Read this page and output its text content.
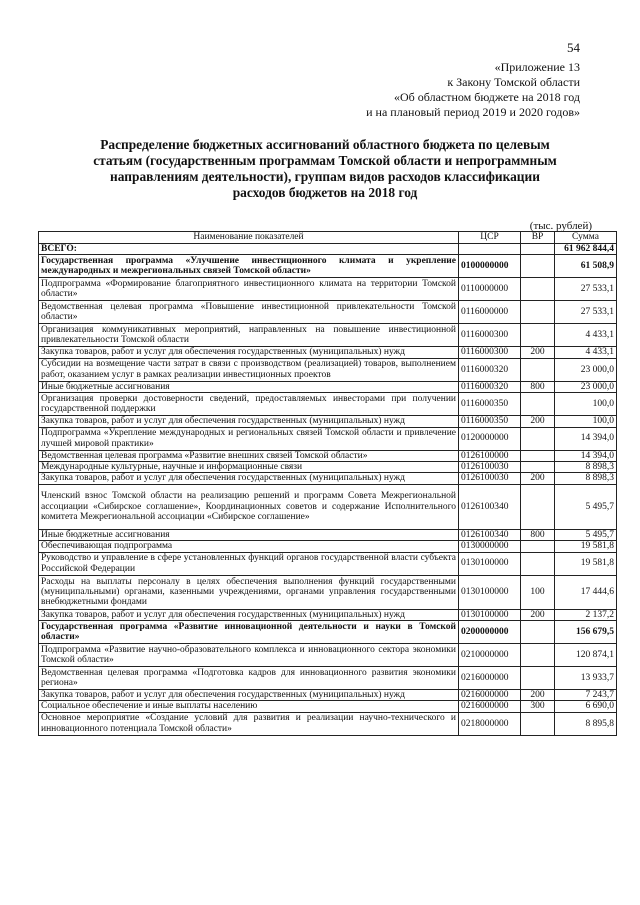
54
«Приложение 13
к Закону Томской области
«Об областном бюджете на 2018 год
и на плановый период 2019 и 2020 годов»
Распределение бюджетных ассигнований областного бюджета по целевым
статьям (государственным программам Томской области и непрограммным
направлениям деятельности), группам видов расходов классификации
расходов бюджетов на 2018 год
(тыс. рублей)
Наименование показателей	ЦСР	ВР	Сумма
ВСЕГО:			61 962 844,4
Государственная программа «Улучшение инвестиционного климата и укрепление международных и межрегиональных связей Томской области»	0100000000		61 508,9
Подпрограмма «Формирование благоприятного инвестиционного климата на территории Томской области»	0110000000		27 533,1
Ведомственная целевая программа «Повышение инвестиционной привлекательности Томской области»	0116000000		27 533,1
Организация коммуникативных мероприятий, направленных на повышение инвестиционной привлекательности Томской области	0116000300		4 433,1
Закупка товаров, работ и услуг для обеспечения государственных (муниципальных) нужд	0116000300	200	4 433,1
Субсидии на возмещение части затрат в связи с производством (реализацией) товаров, выполнением работ, оказанием услуг в рамках реализации инвестиционных проектов	0116000320		23 000,0
Иные бюджетные ассигнования	0116000320	800	23 000,0
Организация проверки достоверности сведений, предоставляемых инвесторами при получении государственной поддержки	0116000350		100,0
Закупка товаров, работ и услуг для обеспечения государственных (муниципальных) нужд	0116000350	200	100,0
Подпрограмма «Укрепление международных и региональных связей Томской области и привлечение лучшей мировой практики»	0120000000		14 394,0
Ведомственная целевая программа «Развитие внешних связей Томской области»	0126100000		14 394,0
Международные культурные, научные и информационные связи	0126100030		8 898,3
Закупка товаров, работ и услуг для обеспечения государственных (муниципальных) нужд	0126100030	200	8 898,3
Членский взнос Томской области на реализацию решений и программ Совета Межрегиональной ассоциации «Сибирское соглашение», Координационных советов и содержание Исполнительного комитета Межрегиональной ассоциации «Сибирское соглашение»	0126100340		5 495,7
Иные бюджетные ассигнования	0126100340	800	5 495,7
Обеспечивающая подпрограмма	0130000000		19 581,8
Руководство и управление в сфере установленных функций органов государственной власти субъекта Российской Федерации	0130100000		19 581,8
Расходы на выплаты персоналу в целях обеспечения выполнения функций государственными (муниципальными) органами, казенными учреждениями, органами управления государственными внебюджетными фондами	0130100000	100	17 444,6
Закупка товаров, работ и услуг для обеспечения государственных (муниципальных) нужд	0130100000	200	2 137,2
Государственная программа «Развитие инновационной деятельности и науки в Томской области»	0200000000		156 679,5
Подпрограмма «Развитие научно-образовательного комплекса и инновационного сектора экономики Томской области»	0210000000		120 874,1
Ведомственная целевая программа «Подготовка кадров для инновационного развития экономики региона»	0216000000		13 933,7
Закупка товаров, работ и услуг для обеспечения государственных (муниципальных) нужд	0216000000	200	7 243,7
Социальное обеспечение и иные выплаты населению	0216000000	300	6 690,0
Основное мероприятие «Создание условий для развития и реализации научно-технического и инновационного потенциала Томской области»	0218000000		8 895,8
